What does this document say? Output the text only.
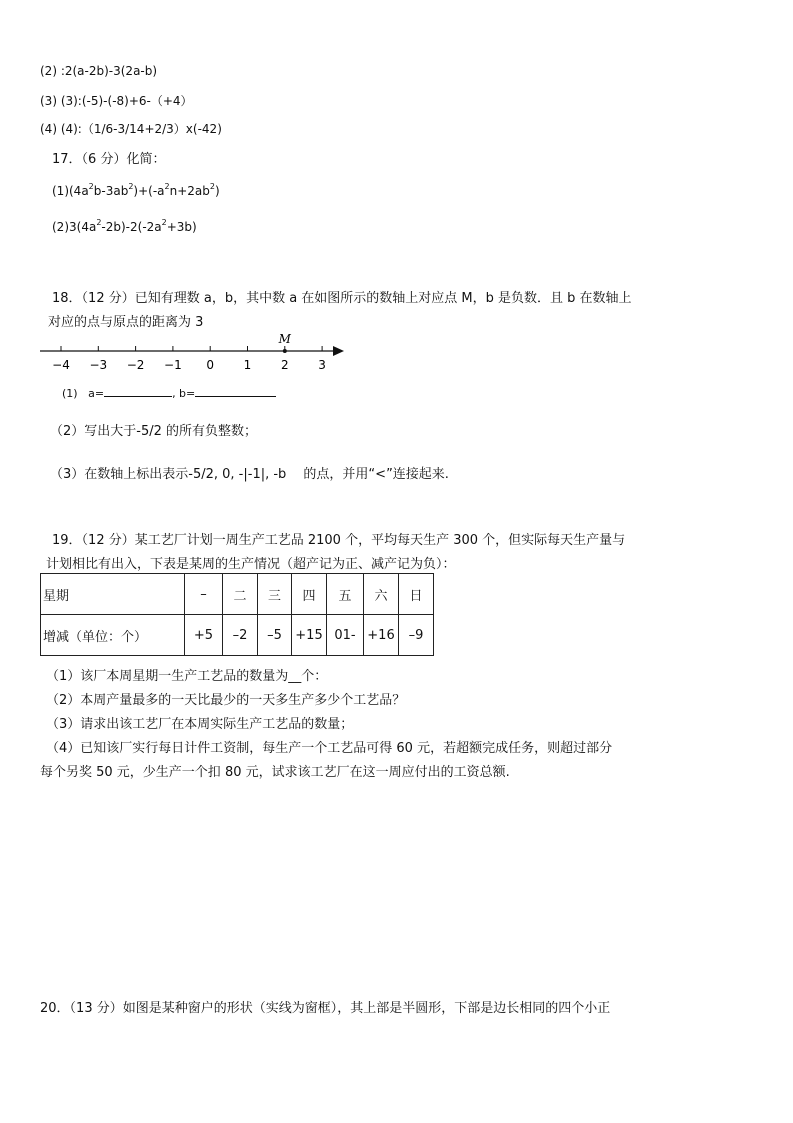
(2) :2(a-2b)-3(2a-b)
(3) (3):(-5)-(-8)+6-（+4）
(4) (4):（1/6-3/14+2/3）x(-42)
17．（6 分）化简：
$(1)(4a^2b-3ab^2)+(-a^2n+2ab^2)$
$(2)3(4a^2-2b)-2(-2a^2+3b)$
18．（12 分）已知有理数 a，b，其中数 a 在如图所示的数轴上对应点 M，b 是负数．且 b 在数轴上
对应的点与原点的距离为 3
−4 −3 −2 −1 0 1 2 3
M
(1) a=	, b=
（2）写出大于-5/2 的所有负整数；
（3）在数轴上标出表示-5/2, 0, -|-1|, -b　 的点，并用“<”连接起来.
19．（12 分）某工艺厂计划一周生产工艺品 2100 个，平均每天生产 300 个，但实际每天生产量与
计划相比有出入，下表是某周的生产情况（超产记为正、减产记为负）：
星期	–	二	三	四	五	六	日
增减（单位：个）	+5	–2	–5	+15	01-	+16	–9
（1）该厂本周星期一生产工艺品的数量为__个：
（2）本周产量最多的一天比最少的一天多生产多少个工艺品？
（3）请求出该工艺厂在本周实际生产工艺品的数量；
（4）已知该厂实行每日计件工资制，每生产一个工艺品可得 60 元，若超额完成任务，则超过部分
每个另奖 50 元，少生产一个扣 80 元，试求该工艺厂在这一周应付出的工资总额.
20．（13 分）如图是某种窗户的形状（实线为窗框），其上部是半圆形，下部是边长相同的四个小正
